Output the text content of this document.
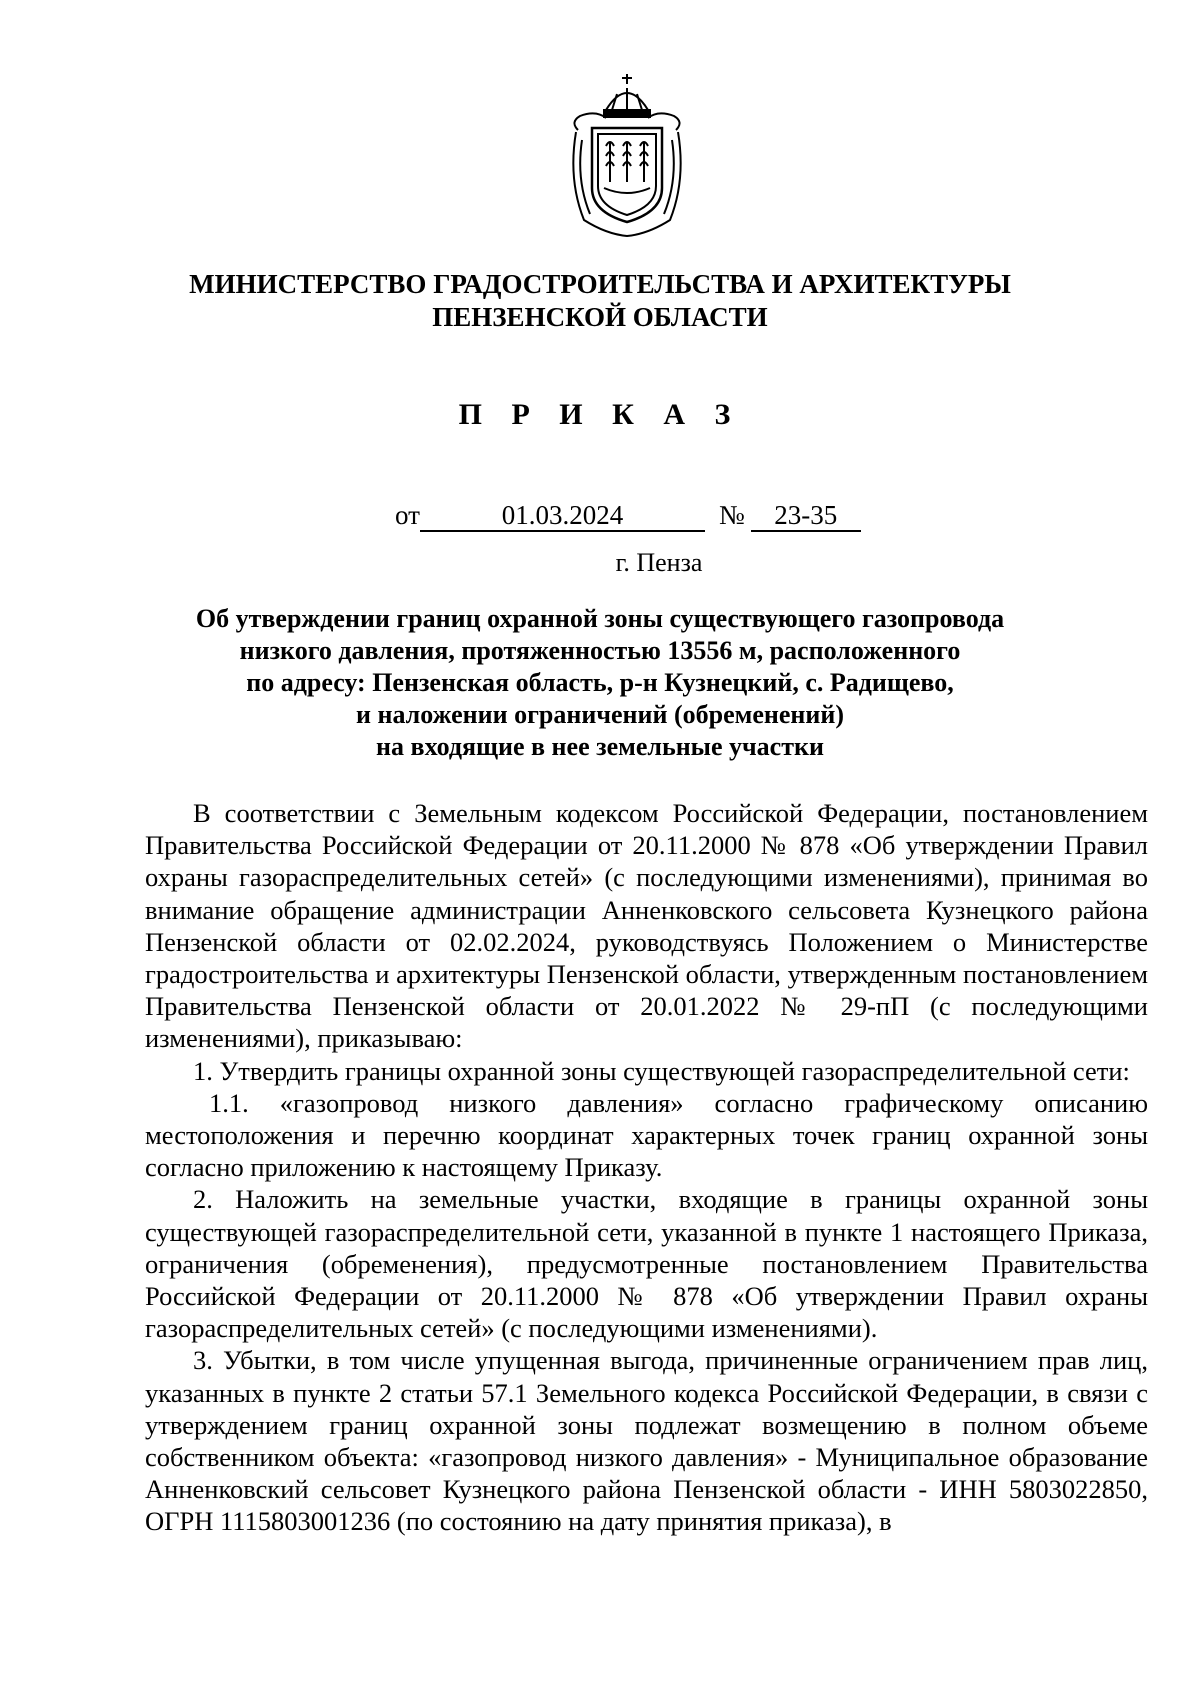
МИНИСТЕРСТВО ГРАДОСТРОИТЕЛЬСТВА И АРХИТЕКТУРЫ
ПЕНЗЕНСКОЙ ОБЛАСТИ
П Р И К А З
от	01.03.2024	№ 23-35
г. Пенза
Об утверждении границ охранной зоны существующего газопровода
низкого давления, протяженностью 13556 м, расположенного
по адресу: Пензенская область, р-н Кузнецкий, с. Радищево,
и наложении ограничений (обременений)
на входящие в нее земельные участки

В соответствии с Земельным кодексом Российской Федерации, постановлением Правительства Российской Федерации от 20.11.2000 № 878 «Об утверждении Правил охраны газораспределительных сетей» (с последующими изменениями), принимая во внимание обращение администрации Анненковского сельсовета Кузнецкого района Пензенской области от 02.02.2024, руководствуясь Положением о Министерстве градостроительства и архитектуры Пензенской области, утвержденным постановлением Правительства Пензенской области от 20.01.2022 № 29-пП (с последующими изменениями), приказываю:

1. Утвердить границы охранной зоны существующей газораспределительной сети:

1.1. «газопровод низкого давления» согласно графическому описанию местоположения и перечню координат характерных точек границ охранной зоны согласно приложению к настоящему Приказу.

2. Наложить на земельные участки, входящие в границы охранной зоны существующей газораспределительной сети, указанной в пункте 1 настоящего Приказа, ограничения (обременения), предусмотренные постановлением Правительства Российской Федерации от 20.11.2000 № 878 «Об утверждении Правил охраны газораспределительных сетей» (с последующими изменениями).

3. Убытки, в том числе упущенная выгода, причиненные ограничением прав лиц, указанных в пункте 2 статьи 57.1 Земельного кодекса Российской Федерации, в связи с утверждением границ охранной зоны подлежат возмещению в полном объеме собственником объекта: «газопровод низкого давления» - Муниципальное образование Анненковский сельсовет Кузнецкого района Пензенской области - ИНН 5803022850, ОГРН 1115803001236 (по состоянию на дату принятия приказа), в
